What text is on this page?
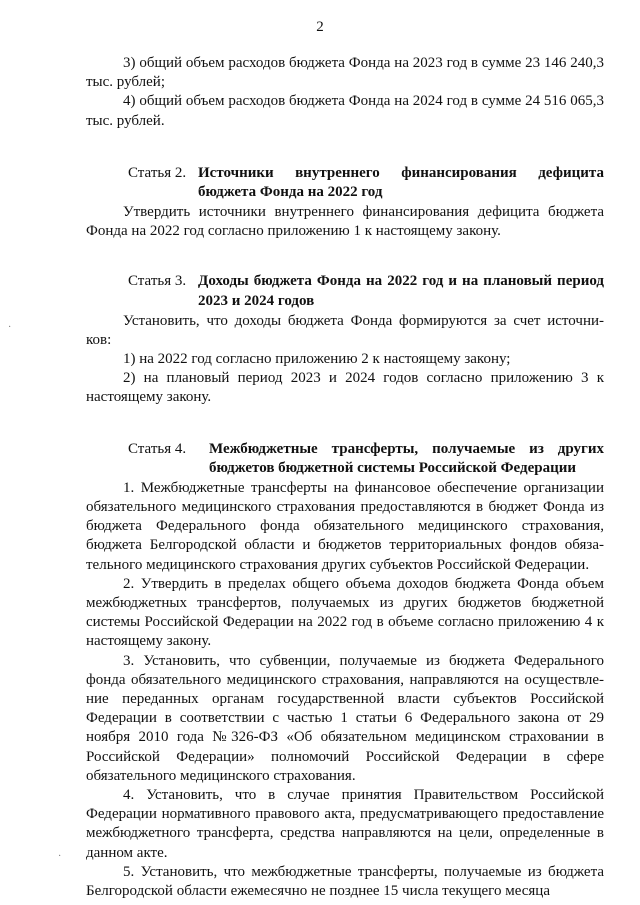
2

3) общий объем расходов бюджета Фонда на 2023 год в сумме 23 146 240,3 тыс. рублей;

4) общий объем расходов бюджета Фонда на 2024 год в сумме 24 516 065,3 тыс. рублей.

Статья 2. Источники внутреннего финансирования дефицита бюджета Фонда на 2022 год

Утвердить источники внутреннего финансирования дефицита бюджета Фонда на 2022 год согласно приложению 1 к настоящему закону.

Статья 3. Доходы бюджета Фонда на 2022 год и на плановый период 2023 и 2024 годов

Установить, что доходы бюджета Фонда формируются за счет источни-ков:

1) на 2022 год согласно приложению 2 к настоящему закону;

2) на плановый период 2023 и 2024 годов согласно приложению 3 к настоящему закону.

Статья 4.	Межбюджетные трансферты, получаемые из других бюджетов бюджетной системы Российской Федерации

1. Межбюджетные трансферты на финансовое обеспечение организации обязательного медицинского страхования предоставляются в бюджет Фонда из бюджета Федерального фонда обязательного медицинского страхования, бюджета Белгородской области и бюджетов территориальных фондов обяза-тельного медицинского страхования других субъектов Российской Федерации.

2. Утвердить в пределах общего объема доходов бюджета Фонда объем межбюджетных трансфертов, получаемых из других бюджетов бюджетной системы Российской Федерации на 2022 год в объеме согласно приложению 4 к настоящему закону.

3. Установить, что субвенции, получаемые из бюджета Федерального фонда обязательного медицинского страхования, направляются на осуществле-ние переданных органам государственной власти субъектов Российской Федерации в соответствии с частью 1 статьи 6 Федерального закона от 29 ноября 2010 года №326-ФЗ «Об обязательном медицинском страховании в Российской Федерации» полномочий Российской Федерации в сфере обязательного медицинского страхования.

4. Установить, что в случае принятия Правительством Российской Федерации нормативного правового акта, предусматривающего предоставление межбюджетного трансферта, средства направляются на цели, определенные в данном акте.

5. Установить, что межбюджетные трансферты, получаемые из бюджета Белгородской области ежемесячно не позднее 15 числа текущего месяца

·
·
